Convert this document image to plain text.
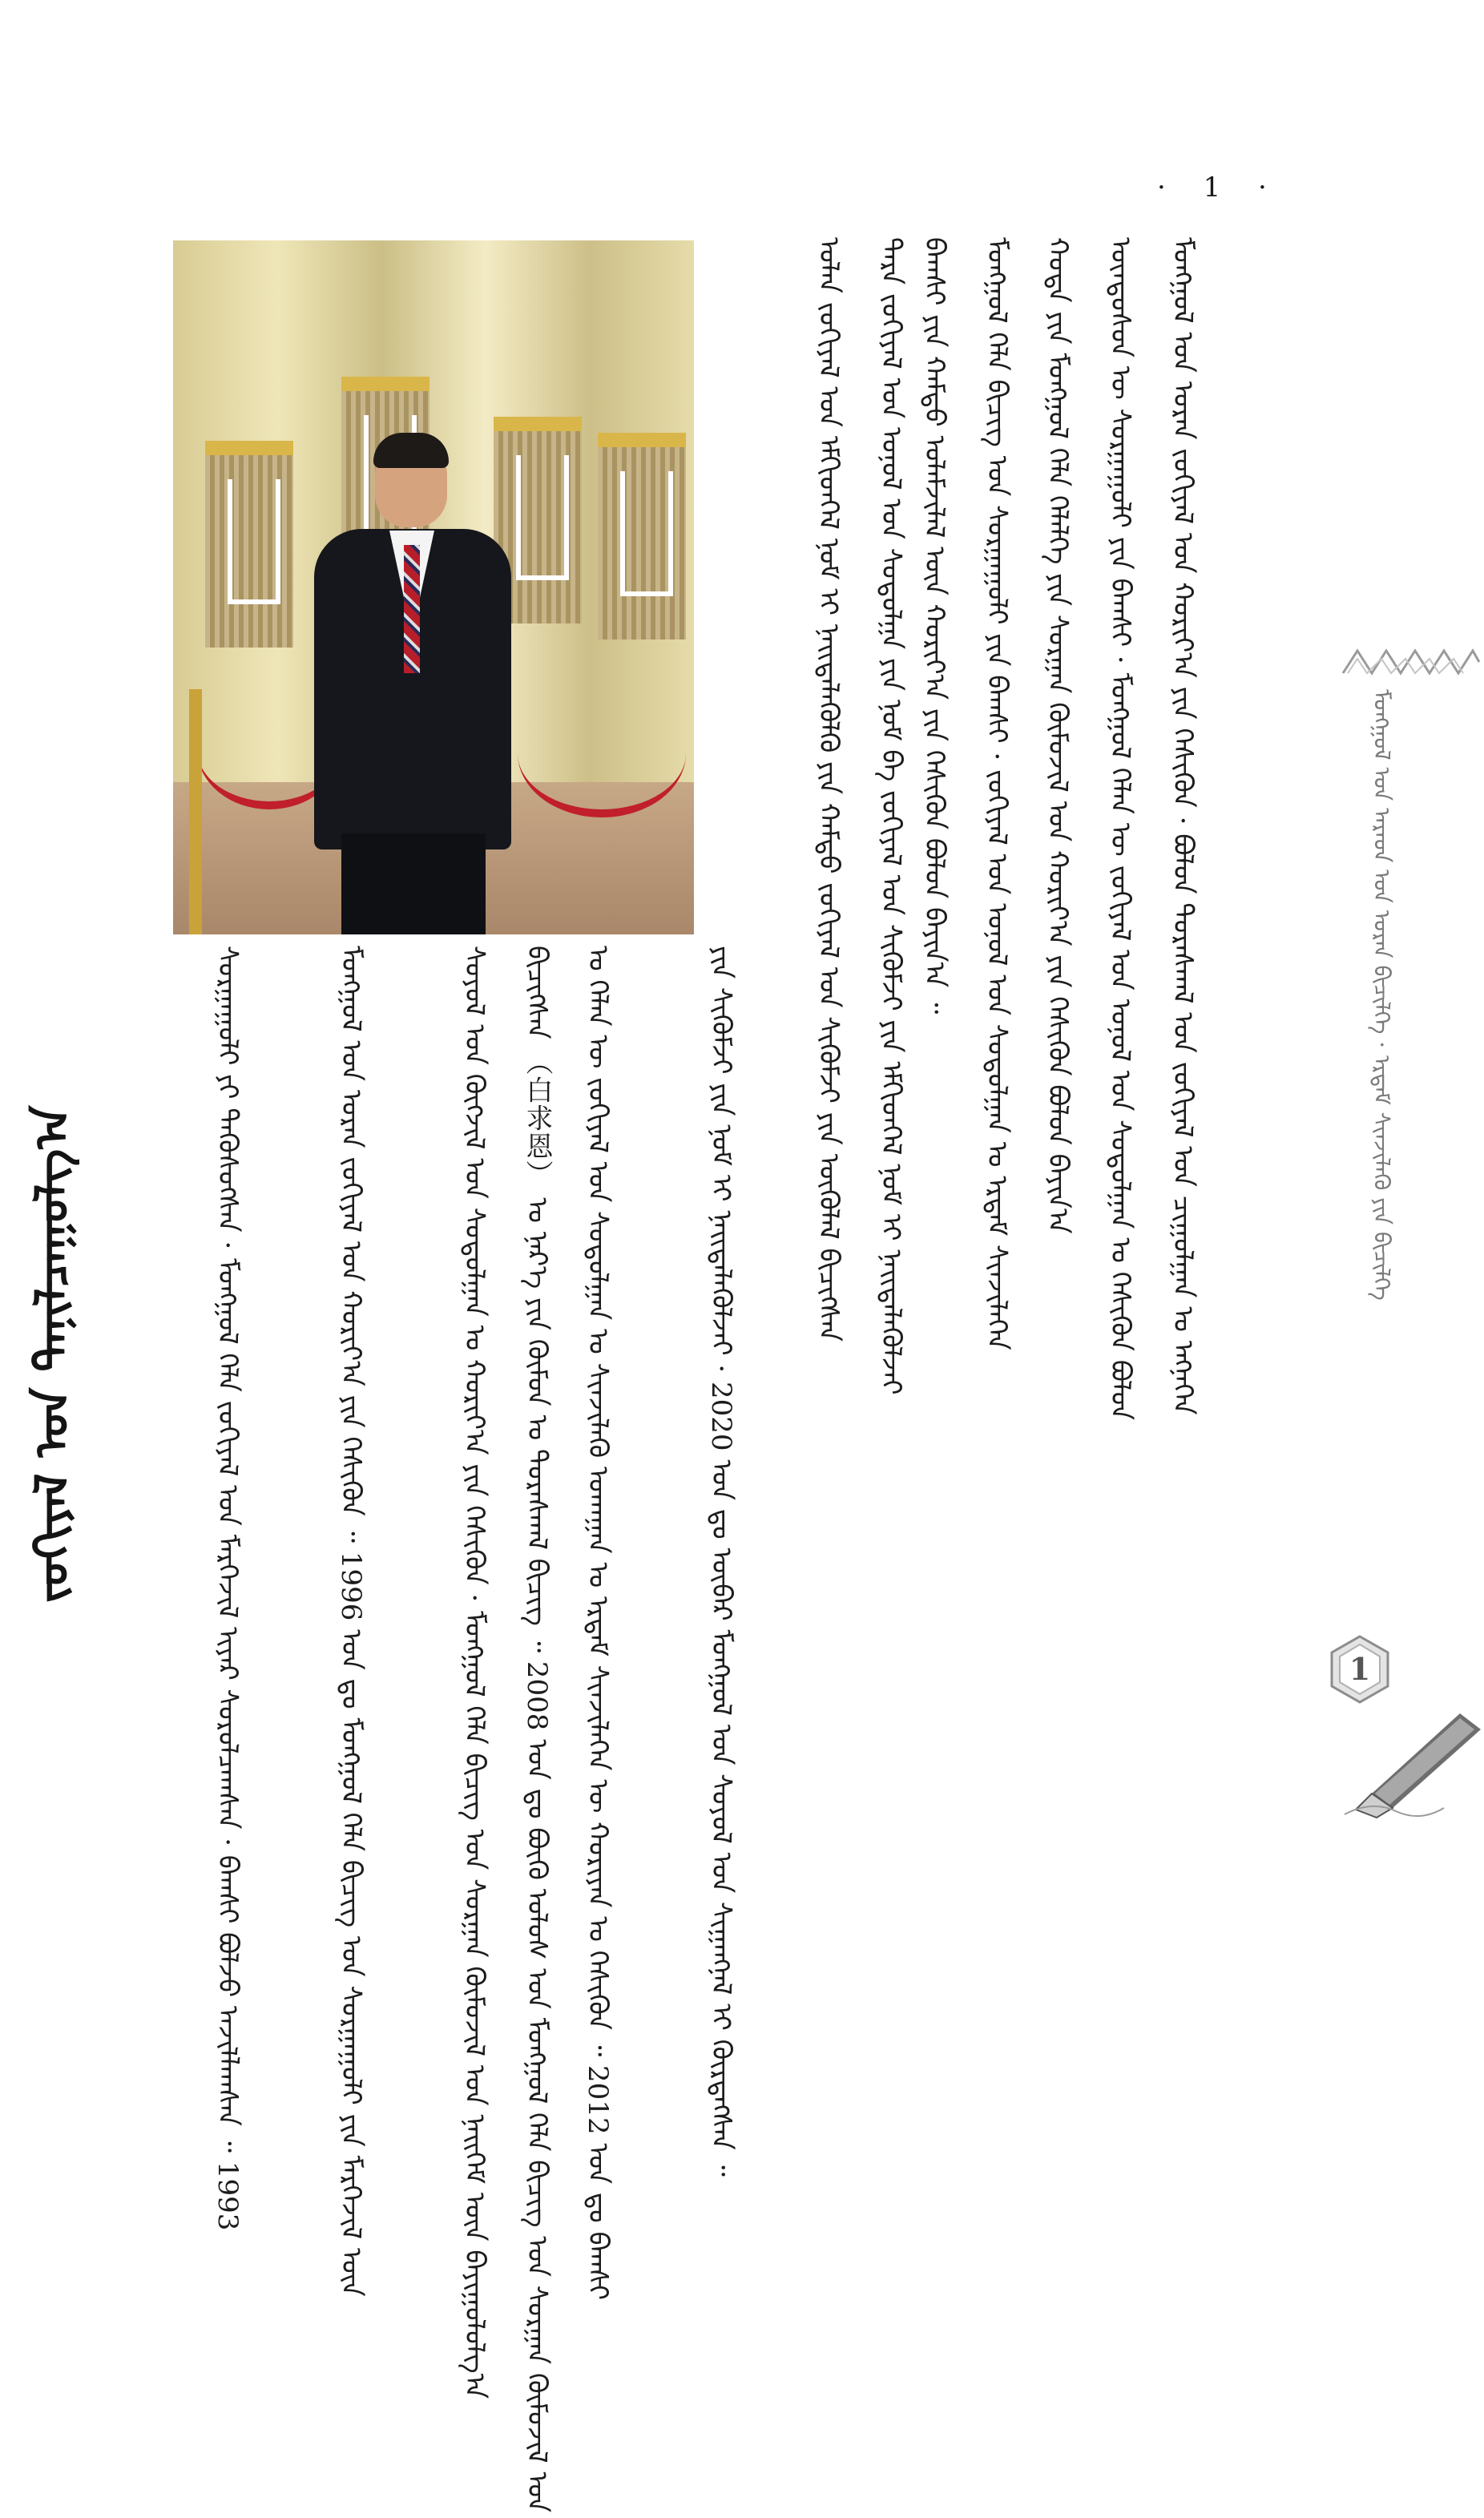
· 1 ·
ᠮᠣᠩᠭᠣᠯ ᠤᠨ ᠤᠷᠠᠨ ᠵᠣᠬᠢᠶᠠᠯ ᠤᠨ ᠬᠣᠷᠢᠶ᠎ᠠ ᠶᠢᠨ ᠭᠡᠰᠢᠭᠦᠨ · ᠪᠣᠯᠣᠨ ᠳᠤᠷᠠᠰᠬᠠᠯ ᠤᠨ ᠵᠣᠬᠢᠶᠠᠯ ᠤᠨ ᠴᠢᠭᠤᠯᠭᠠᠨ ᠤ ᠡᠩᠨᠡᠭᠡᠨ
ᠦᠨᠳᠦᠰᠦᠨ ᠦ ᠰᠤᠷᠭᠠᠭᠤᠯᠢ ᠶᠢᠨ ᠪᠠᠭᠰᠢ · ᠮᠣᠩᠭᠣᠯ ᠬᠡᠯᠡᠨ ᠦ ᠵᠣᠬᠢᠶᠠᠯ ᠤᠨ ᠣᠨᠣᠯ ᠤᠨ ᠰᠤᠳᠤᠯᠭᠠᠨ ᠤ ᠭᠡᠰᠢᠭᠦᠨ ᠪᠣᠯᠣᠨ
ᠬᠣᠲᠠ ᠶᠢᠨ ᠮᠣᠩᠭᠣᠯ ᠬᠡᠯᠡ ᠬᠡᠯᠡᠯᠭᠡ ᠶᠢᠨ ᠰᠤᠷᠭᠠᠨ ᠬᠦᠮᠦᠵᠢᠯ ᠤᠨ ᠬᠣᠷᠢᠶ᠎ᠠ ᠶᠢᠨ ᠭᠡᠰᠢᠭᠦᠨ ᠪᠣᠯᠣᠨ ᠪᠠᠶᠢᠨ᠎ᠠ
ᠮᠣᠩᠭᠣᠯ ᠬᠡᠯᠡ ᠪᠢᠴᠢᠭ ᠤᠨ ᠰᠤᠷᠭᠠᠭᠤᠯᠢ ᠶᠢᠨ ᠪᠠᠭᠰᠢ · ᠵᠣᠬᠢᠶᠠᠯ ᠤᠨ ᠣᠨᠣᠯ ᠤᠨ ᠰᠤᠳᠤᠯᠭᠠᠨ ᠤ ᠡᠷᠳᠡᠮ ᠰᠢᠨᠵᠢᠯᠡᠬᠡᠨ
ᠪᠠᠭᠰᠢ ᠶᠢᠨ ᠬᠠᠮᠲᠤ ᠤᠯᠠᠮᠵᠢᠯᠠᠯ ᠦᠨ ᠬᠣᠷᠢᠶ᠎ᠠ ᠶᠢᠨ ᠭᠡᠰᠢᠭᠦᠨ ᠪᠣᠯᠣᠨ ᠪᠠᠶᠢᠨ᠎ᠠ ᠃
ᠲᠡᠷᠡ ᠵᠣᠬᠢᠶᠠᠯ ᠤᠨ ᠣᠨᠣᠯ ᠤᠨ ᠰᠤᠳᠤᠯᠭᠠ ᠶᠢᠨ ᠨᠣᠮ ᠪᠠ ᠵᠣᠬᠢᠶᠠᠯ ᠤᠨ ᠰᠢᠭᠦᠮᠵᠢ ᠶᠢᠨ ᠡᠮᠬᠢᠳᠬᠡᠯ ᠨᠣᠮ ᠢ ᠨᠡᠢᠲᠡᠯᠡᠭᠦᠯᠵᠡᠢ
ᠣᠯᠠᠨ ᠵᠣᠬᠢᠶᠠᠯ ᠤᠨ ᠡᠮᠬᠢᠳᠬᠡᠯ ᠨᠣᠮ ᠢ ᠨᠡᠢᠲᠡᠯᠡᠭᠦᠯᠬᠦ ᠶᠢᠨ ᠬᠠᠮᠲᠤ ᠵᠣᠬᠢᠶᠠᠯ ᠤᠨ ᠰᠢᠭᠦᠮᠵᠢ ᠶᠢᠨ ᠥᠭᠦᠯᠡᠯ ᠪᠢᠴᠢᠭᠰᠡᠨ
ᠶᠢᠨ ᠰᠢᠭᠦᠮᠵᠢ ᠶᠢᠨ ᠨᠣᠮ ᠢ ᠨᠡᠢᠲᠡᠯᠡᠭᠦᠯᠵᠡᠢ · 2020 ᠣᠨ ᠳᠤ ᠥᠪᠡᠷ ᠮᠣᠩᠭᠣᠯ ᠤᠨ ᠰᠣᠶᠣᠯ ᠤᠨ ᠰᠢᠭᠠᠩᠨᠠᠯ ᠢ ᠬᠦᠷᠲᠡᠭᠰᠡᠨ ᠃
ᠤ ᠬᠡᠯᠡᠨ ᠦ ᠵᠣᠬᠢᠶᠠᠯ ᠤᠨ ᠰᠤᠳᠤᠯᠭᠠᠨ ᠤ ᠰᠢᠨᠵᠢᠯᠡᠬᠦ ᠤᠬᠠᠭᠠᠨ ᠤ ᠡᠷᠳᠡᠮ ᠰᠢᠨᠵᠢᠯᠡᠬᠡᠨ ᠦ ᠬᠣᠷᠢᠶᠠᠨ ᠤ ᠭᠡᠰᠢᠭᠦᠨ ᠃ 2012 ᠣᠨ ᠳᠤ ᠪᠠᠭᠰᠢ
ᠪᠢᠴᠢᠭᠰᠡᠨ （白求恩） ᠤ ᠨᠡᠷ᠎ᠡ ᠶᠢᠨ ᠬᠦᠮᠦᠨ ᠤ ᠳᠤᠷᠠᠰᠬᠠᠯ ᠪᠢᠴᠢᠭ ᠃ 2008 ᠣᠨ ᠳᠤ ᠪᠦᠬᠦ ᠤᠯᠤᠰ ᠤᠨ ᠮᠣᠩᠭᠣᠯ ᠬᠡᠯᠡ ᠪᠢᠴᠢᠭ ᠤᠨ ᠰᠤᠷᠭᠠᠨ ᠬᠦᠮᠦᠵᠢᠯ ᠤᠨ
ᠰᠣᠶᠣᠯ ᠤᠨ ᠬᠥᠭᠵᠢᠯ ᠤᠨ ᠰᠤᠳᠤᠯᠭᠠᠨ ᠤ ᠬᠣᠷᠢᠶ᠎ᠠ ᠶᠢᠨ ᠭᠡᠰᠢᠭᠦᠨ · ᠮᠣᠩᠭᠣᠯ ᠬᠡᠯᠡ ᠪᠢᠴᠢᠭ ᠤᠨ ᠰᠤᠷᠭᠠᠨ ᠬᠦᠮᠦᠵᠢᠯ ᠤᠨ ᠨᠡᠢᠭᠡᠮ ᠦᠨ ᠪᠠᠶᠢᠭᠤᠯᠤᠯᠭ᠎ᠠ
ᠮᠣᠩᠭᠣᠯ ᠤᠨ ᠤᠷᠠᠨ ᠵᠣᠬᠢᠶᠠᠯ ᠤᠨ ᠬᠣᠷᠢᠶ᠎ᠠ ᠶᠢᠨ ᠭᠡᠰᠢᠭᠦᠨ ᠃ 1996 ᠣᠨ ᠳᠤ ᠮᠣᠩᠭᠣᠯ ᠬᠡᠯᠡ ᠪᠢᠴᠢᠭ ᠤᠨ ᠰᠤᠷᠭᠠᠭᠤᠯᠢ ᠶᠢᠨ ᠮᠡᠷᠭᠡᠵᠢᠯ ᠦᠨ
ᠰᠤᠷᠭᠠᠭᠤᠯᠢ ᠶᠢ ᠲᠡᠭᠦᠰᠦᠭᠰᠡᠨ · ᠮᠣᠩᠭᠣᠯ ᠬᠡᠯᠡ ᠵᠣᠬᠢᠶᠠᠯ ᠤᠨ ᠮᠡᠷᠭᠡᠵᠢᠯ ᠢᠶᠡᠷ ᠰᠤᠷᠤᠯᠴᠠᠭᠰᠠᠨ · ᠪᠠᠭᠰᠢ ᠪᠣᠯᠵᠤ ᠠᠵᠢᠯᠯᠠᠭᠰᠠᠨ ᠃ 1993
ᠵᠣᠬᠢᠶᠠᠯ ᠤᠨ ᠲᠠᠨᠢᠯᠴᠠᠭᠤᠯᠭ᠎ᠠ
ᠮᠣᠩᠭᠣᠯ ᠤᠨ ᠠᠷᠠᠳ ᠤᠨ ᠤᠷᠠᠨ ᠪᠢᠴᠢᠯᠭᠡ · ᠡᠷᠳᠡᠮ ᠰᠢᠨᠵᠢᠯᠡᠬᠦ ᠶᠢᠨ ᠪᠢᠴᠢᠯᠭᠡ
1
